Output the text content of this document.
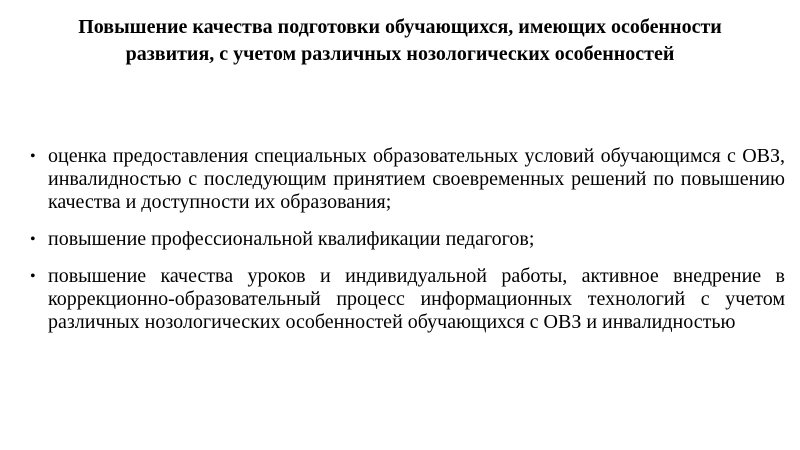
Повышение качества подготовки обучающихся, имеющих особенности развития, с учетом различных нозологических особенностей
• оценка предоставления специальных образовательных условий обучающимся с ОВЗ, инвалидностью с последующим принятием своевременных решений по повышению качества и доступности их образования;
• повышение профессиональной квалификации педагогов;
• повышение качества уроков и индивидуальной работы, активное внедрение в коррекционно-образовательный процесс информационных технологий с учетом различных нозологических особенностей обучающихся с ОВЗ и инвалидностью
